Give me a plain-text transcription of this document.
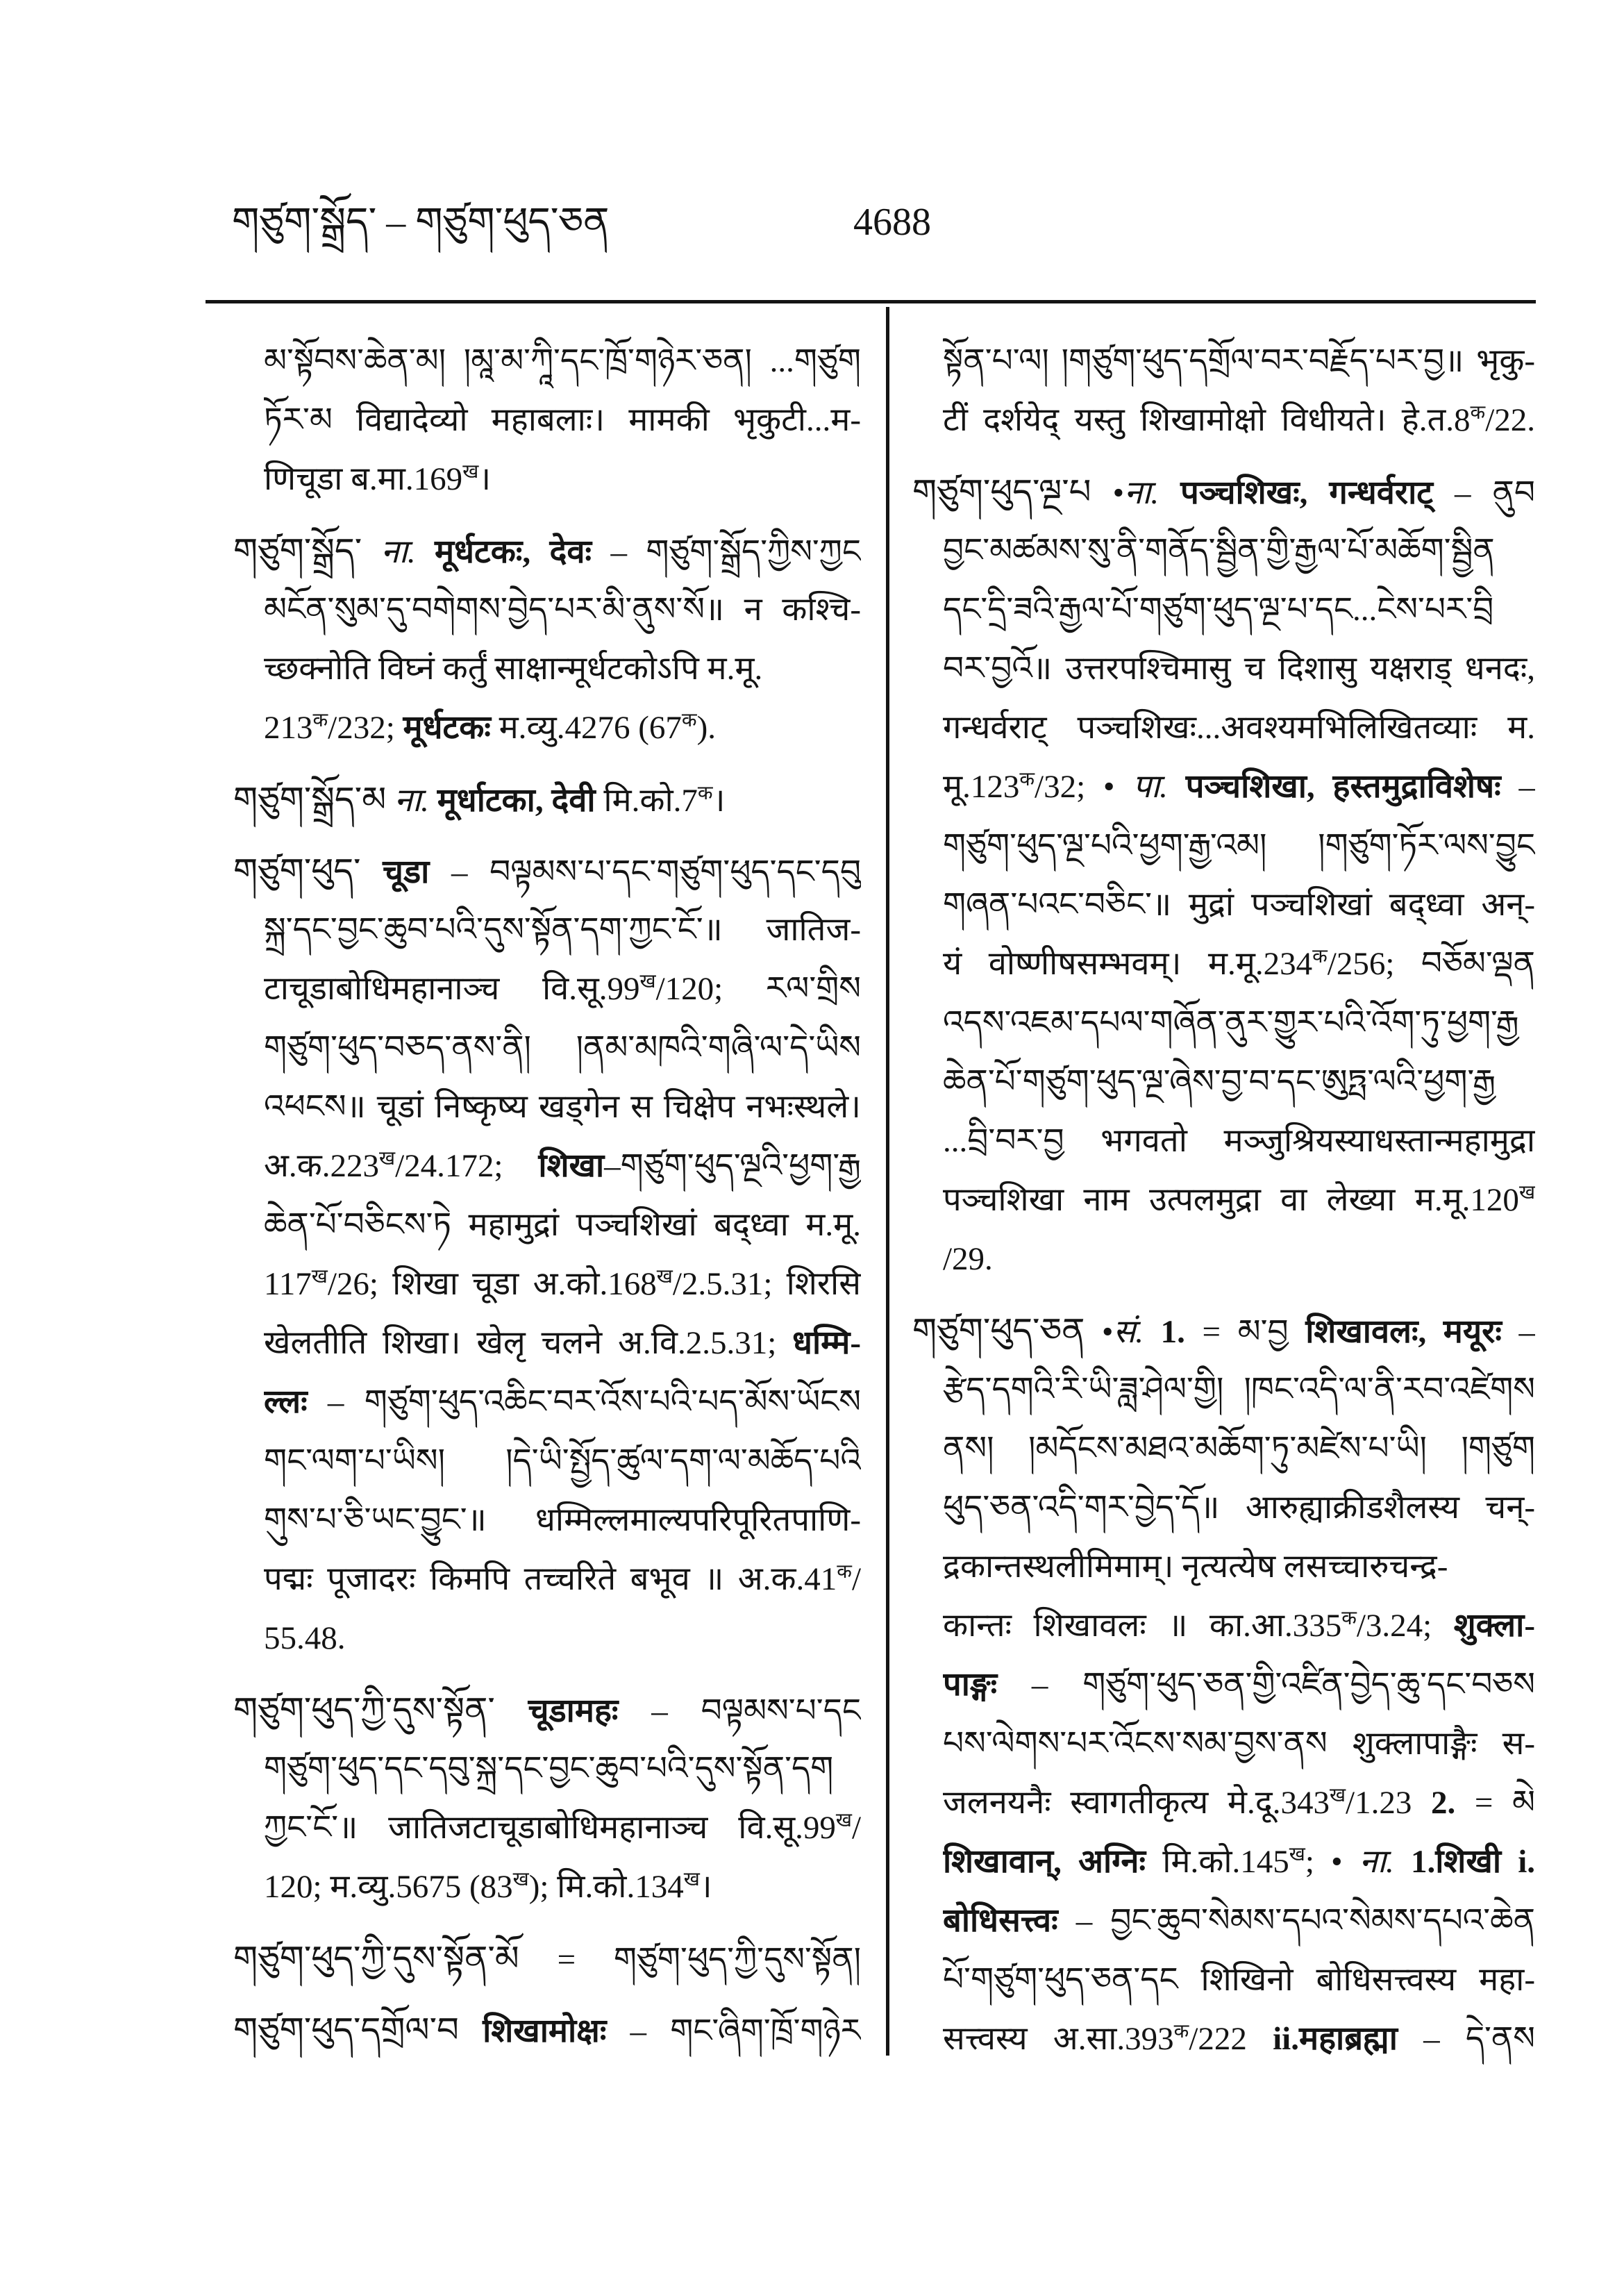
གཙུག་སྒྲོད་ – གཙུག་ཕུད་ཅན	4688
མ་སྟོབས་ཆེན་མ། །མཱ་མ་ཀཱི་དང་ཁྲོ་གཉེར་ཅན། ...གཙུག
ཏོར་མ विद्यादेव्यो महाबलाः। मामकी भृकुटी...म-
णिचूडा $ब.मा.169^ख।$
གཙུག་སྒྲོད་ ना. मूर्धटकः, देवः – གཙུག་སྒྲོད་ཀྱིས་ཀྱང
མངོན་སུམ་དུ་བགེགས་བྱེད་པར་མི་ནུས་སོ॥ न कश्चि-
च्छक्नोति विघ्नं कर्तुं साक्षान्मूर्धटकोऽपि म.मू.
$213^क/232$; मूर्धटकः म.व्यु.4276 $(67^क)$.
གཙུག་སྒྲོད་མ ना. मूर्धाटका, देवी $मि.को.7^क।$
གཙུག་ཕུད་ चूडा – བལྟམས་པ་དང་གཙུག་ཕུད་དང་དབུ
སྐྲ་དང་བྱང་ཆུབ་པའི་དུས་སྟོན་དག་ཀྱང་ངོ༌॥ जातिज-
टाचूडाबोधिमहानाञ्च $वि.सू.99^ख/120$; རལ་གྲིས
གཙུག་ཕུད་བཅད་ནས་ནི། །ནམ་མཁའི་གཞི་ལ་དེ་ཡིས
འཕངས॥ चूडां निष्कृष्य खड्गेन स चिक्षेप नभःस्थले।
$अ.क.223^ख/24.172$; शिखा–གཙུག་ཕུད་ལྔའི་ཕྱག་རྒྱ
ཆེན་པོ་བཅིངས་ཏེ महामुद्रां पञ्चशिखां बद्ध्वा म.मू.
$117^ख/26$; शिखा चूडा $अ.को.168^ख/2.5.31$; शिरसि
खेलतीति शिखा। खेलृ चलने अ.वि.2.5.31; धम्मि-
ल्लः – གཙུག་ཕུད་འཆིང་བར་འོས་པའི་པད་མོས་ཡོངས
གང་ལག་པ་ཡིས། །དེ་ཡི་སྤྱོད་ཚུལ་དག་ལ་མཆོད་པའི
གུས་པ་ཅི་ཡང་བྱུང༌॥ धम्मिल्लमाल्यपरिपूरितपाणि-
पद्मः पूजादरः किमपि तच्चरिते बभूव ॥ $अ.क.41^क/$
55.48.
གཙུག་ཕུད་ཀྱི་དུས་སྟོན་ चूडामहः – བལྟམས་པ་དང
གཙུག་ཕུད་དང་དབུ་སྐྲ་དང་བྱང་ཆུབ་པའི་དུས་སྟོན་དག
ཀྱང་ངོ༌॥ जातिजटाचूडाबोधिमहानाञ्च $वि.सू.99^ख/$
120; म.व्यु.5675 $(83^ख)$; $मि.को.134^ख।$
གཙུག་ཕུད་ཀྱི་དུས་སྟོན་མོ = གཙུག་ཕུད་ཀྱི་དུས་སྟོན།
གཙུག་ཕུད་དགྲོལ་བ शिखामोक्षः – གང་ཞིག་ཁྲོ་གཉེར
སྟོན་པ་ལ། །གཙུག་ཕུད་དགྲོལ་བར་བརྗོད་པར་བྱ॥ भृकु-
टीं दर्शयेद् यस्तु शिखामोक्षो विधीयते। $हे.त.8^क/22$.
གཙུག་ཕུད་ལྔ་པ •ना. पञ्चशिखः, गन्धर्वराट् – ནུབ
བྱང་མཚམས་སུ་ནི་གནོད་སྦྱིན་གྱི་རྒྱལ་པོ་མཆོག་སྦྱིན
དང་དྲི་ཟའི་རྒྱལ་པོ་གཙུག་ཕུད་ལྔ་པ་དང...ངེས་པར་བྲི
བར་བྱའོ॥ उत्तरपश्चिमासु च दिशासु यक्षराड् धनदः,
गन्धर्वराट् पञ्चशिखः...अवश्यमभिलिखितव्याः म.
$मू.123^क/32$; • पा. पञ्चशिखा, हस्तमुद्राविशेषः –
གཙུག་ཕུད་ལྔ་པའི་ཕྱག་རྒྱ་འམ། །གཙུག་ཏོར་ལས་བྱུང
གཞན་པའང་བཅིང༌॥ मुद्रां पञ्चशिखां बद्ध्वा अन्-
यं वोष्णीषसम्भवम्। $म.मू.234^क/256$; བཅོམ་ལྡན
འདས་འཇམ་དཔལ་གཞོན་ནུར་གྱུར་པའི་འོག་ཏུ་ཕྱག་རྒྱ
ཆེན་པོ་གཙུག་ཕུད་ལྔ་ཞེས་བྱ་བ་དང་ཨུཏྤ་ལའི་ཕྱག་རྒྱ
...བྲི་བར་བྱ भगवतो मञ्जुश्रियस्याधस्तान्महामुद्रा
पञ्चशिखा नाम उत्पलमुद्रा वा लेख्या $म.मू.120^ख$
/29.
གཙུག་ཕུད་ཅན •सं. 1. = མ་བྱ शिखावलः, मयूरः –
རྩེད་དགའི་རི་ཡི་ཟླ་ཤེལ་གྱི། །ཁང་འདི་ལ་ནི་རབ་འཛེགས
ནས། །མདོངས་མཐའ་མཆོག་ཏུ་མཛེས་པ་ཡི། །གཙུག
ཕུད་ཅན་འདི་གར་བྱེད་དོ॥ आरुह्याक्रीडशैलस्य चन्-
द्रकान्तस्थलीमिमाम्। नृत्यत्येष लसच्चारुचन्द्र-
कान्तः शिखावलः ॥ $का.आ.335^क/3.24$; शुक्ला-
पाङ्गः – གཙུག་ཕུད་ཅན་གྱི་འཛིན་བྱེད་ཆུ་དང་བཅས
པས་ལེགས་པར་འོངས་སམ་བྱས་ནས शुक्लापाङ्गैः स-
जलनयनैः स्वागतीकृत्य $मे.दू.343^ख/1.23$ 2. = མེ
शिखावान्, अग्निः $मि.को.145^ख$; • ना. 1.शिखी i.
बोधिसत्त्वः – བྱང་ཆུབ་སེམས་དཔའ་སེམས་དཔའ་ཆེན
པོ་གཙུག་ཕུད་ཅན་དང शिखिनो बोधिसत्त्वस्य महा-
सत्त्वस्य $अ.सा.393^क/222$ ii.महाब्रह्मा – དེ་ནས
